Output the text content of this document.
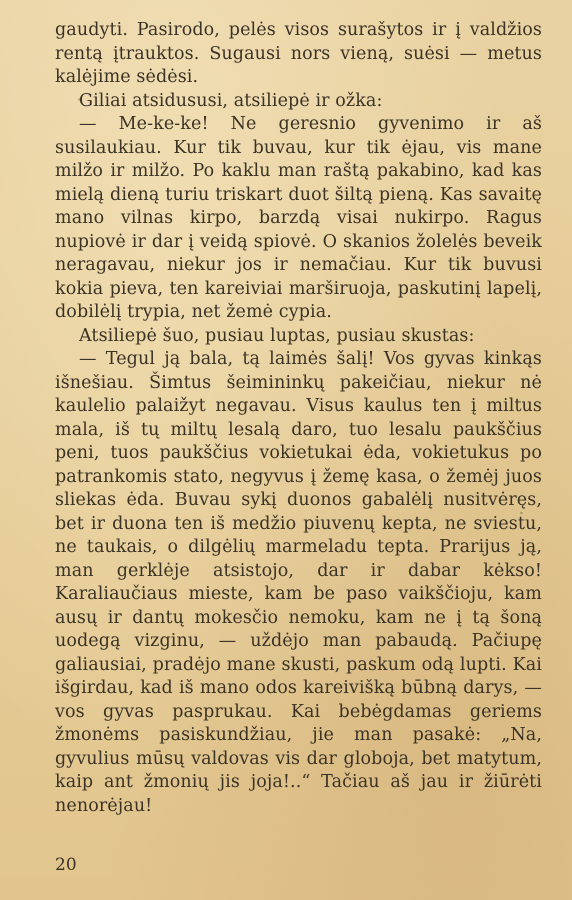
gaudyti. Pasirodo, pelės visos surašytos ir į valdžios rentą įtrauktos. Sugausi nors vieną, suėsi — metus kalėjime sėdėsi.

Giliai atsidususi, atsiliepė ir ožka:

— Me-ke-ke! Ne geresnio gyvenimo ir aš susilaukiau. Kur tik buvau, kur tik ėjau, vis mane milžo ir milžo. Po kaklu man raštą pakabino, kad kas mielą dieną turiu triskart duot šiltą pieną. Kas savaitę mano vilnas kirpo, barzdą visai nukirpo. Ragus nupiovė ir dar į veidą spiovė. O skanios žolelės beveik neragavau, niekur jos ir nemačiau. Kur tik buvusi kokia pieva, ten kareiviai marširuoja, paskutinį lapelį, dobilėlį trypia, net žemė cypia.

Atsiliepė šuo, pusiau luptas, pusiau skustas:

— Tegul ją bala, tą laimės šalį! Vos gyvas kinkąs išnešiau. Šimtus šeimininkų pakeičiau, niekur nė kaulelio palaižyt negavau. Visus kaulus ten į miltus mala, iš tų miltų lesalą daro, tuo lesalu paukščius peni, tuos paukščius vokietukai ėda, vokietukus po patrankomis stato, negyvus į žemę kasa, o žemėj juos sliekas ėda. Buvau sykį duonos gabalėlį nusitvėręs, bet ir duona ten iš medžio piuvenų kepta, ne sviestu, ne taukais, o dilgėlių marmeladu tepta. Prarijus ją, man gerklėje atsistojo, dar ir dabar kėkso! Karaliaučiaus mieste, kam be paso vaikščioju, kam ausų ir dantų mokesčio nemoku, kam ne į tą šoną uodegą vizginu, — uždėjo man pabaudą. Pačiupę galiausiai, pradėjo mane skusti, paskum odą lupti. Kai išgirdau, kad iš mano odos kareivišką būbną darys, — vos gyvas pasprukau. Kai bebėgdamas geriems žmonėms pasiskundžiau, jie man pasakė: „Na, gyvulius mūsų valdovas vis dar globoja, bet matytum, kaip ant žmonių jis joja!..“ Tačiau aš jau ir žiūrėti nenorėjau!

20
